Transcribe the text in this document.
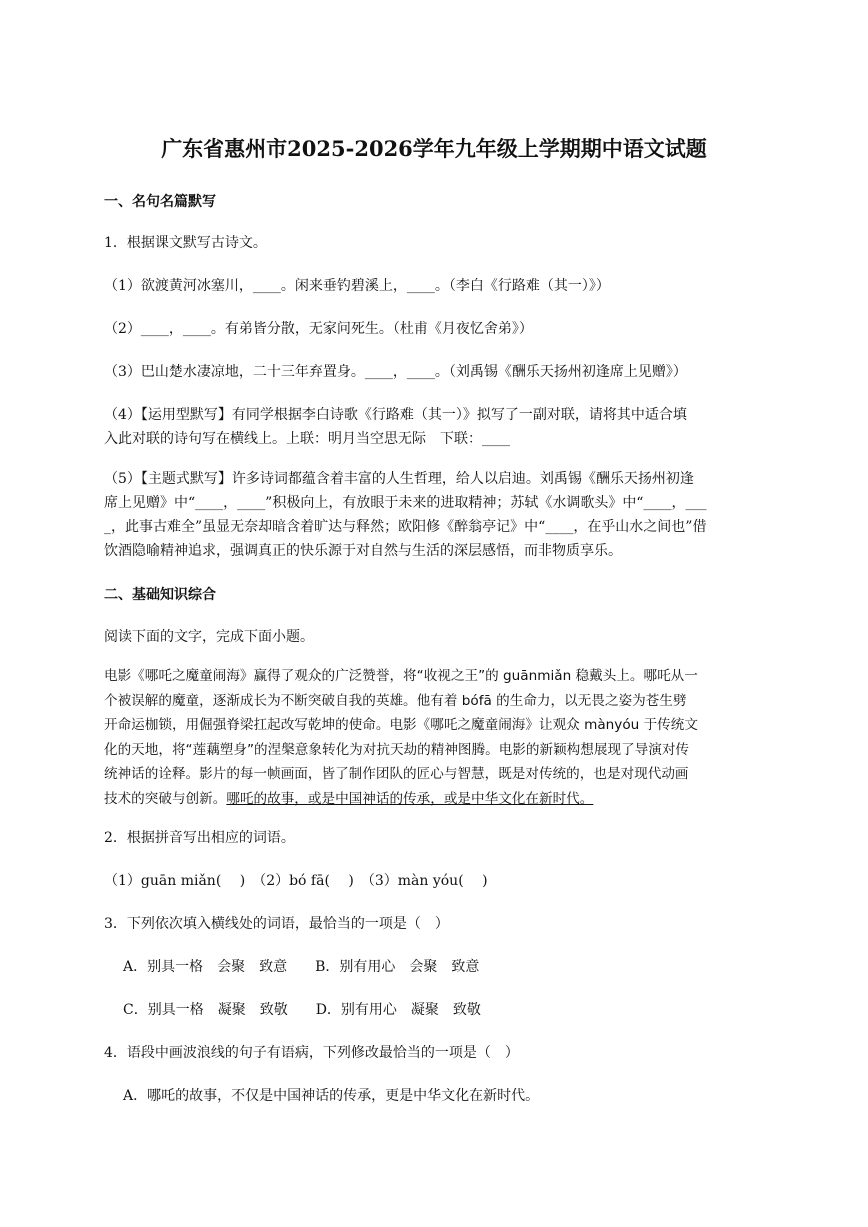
广东省惠州市2025-2026学年九年级上学期期中语文试题
一、名句名篇默写
1．根据课文默写古诗文。
（1）欲渡黄河冰塞川，____。闲来垂钓碧溪上，____。（李白《行路难（其一）》）
（2）____，____。有弟皆分散，无家问死生。（杜甫《月夜忆舍弟》）
（3）巴山楚水凄凉地，二十三年弃置身。____，____。（刘禹锡《酬乐天扬州初逢席上见赠》）
（4）【运用型默写】有同学根据李白诗歌《行路难（其一）》拟写了一副对联，请将其中适合填
入此对联的诗句写在横线上。上联：明月当空思无际　下联：____
（5）【主题式默写】许多诗词都蕴含着丰富的人生哲理，给人以启迪。刘禹锡《酬乐天扬州初逢
席上见赠》中“____，____”积极向上，有放眼于未来的进取精神；苏轼《水调歌头》中“____，___
_，此事古难全”虽显无奈却暗含着旷达与释然；欧阳修《醉翁亭记》中“____，在乎山水之间也”借
饮酒隐喻精神追求，强调真正的快乐源于对自然与生活的深层感悟，而非物质享乐。
二、基础知识综合
阅读下面的文字，完成下面小题。
电影《哪吒之魔童闹海》赢得了观众的广泛赞誉，将“收视之王”的 guānmiǎn 稳戴头上。哪吒从一
个被误解的魔童，逐渐成长为不断突破自我的英雄。他有着 bófā 的生命力，以无畏之姿为苍生劈
开命运枷锁，用倔强脊梁扛起改写乾坤的使命。电影《哪吒之魔童闹海》让观众 mànyóu 于传统文
化的天地，将“莲藕塑身”的涅槃意象转化为对抗天劫的精神图腾。电影的新颖构想展现了导演对传
统神话的诠释。影片的每一帧画面，皆了制作团队的匠心与智慧，既是对传统的，也是对现代动画
技术的突破与创新。哪吒的故事，或是中国神话的传承，或是中华文化在新时代。
2．根据拼音写出相应的词语。
（1）guān miǎn(　 )　（2）bó fā(　 )　（3）màn yóu(　 )
3．下列依次填入横线处的词语，最恰当的一项是（　）
A．别具一格　会聚　致意　　B．别有用心　会聚　致意
C．别具一格　凝聚　致敬　　D．别有用心　凝聚　致敬
4．语段中画波浪线的句子有语病，下列修改最恰当的一项是（　）
A．哪吒的故事，不仅是中国神话的传承，更是中华文化在新时代。
